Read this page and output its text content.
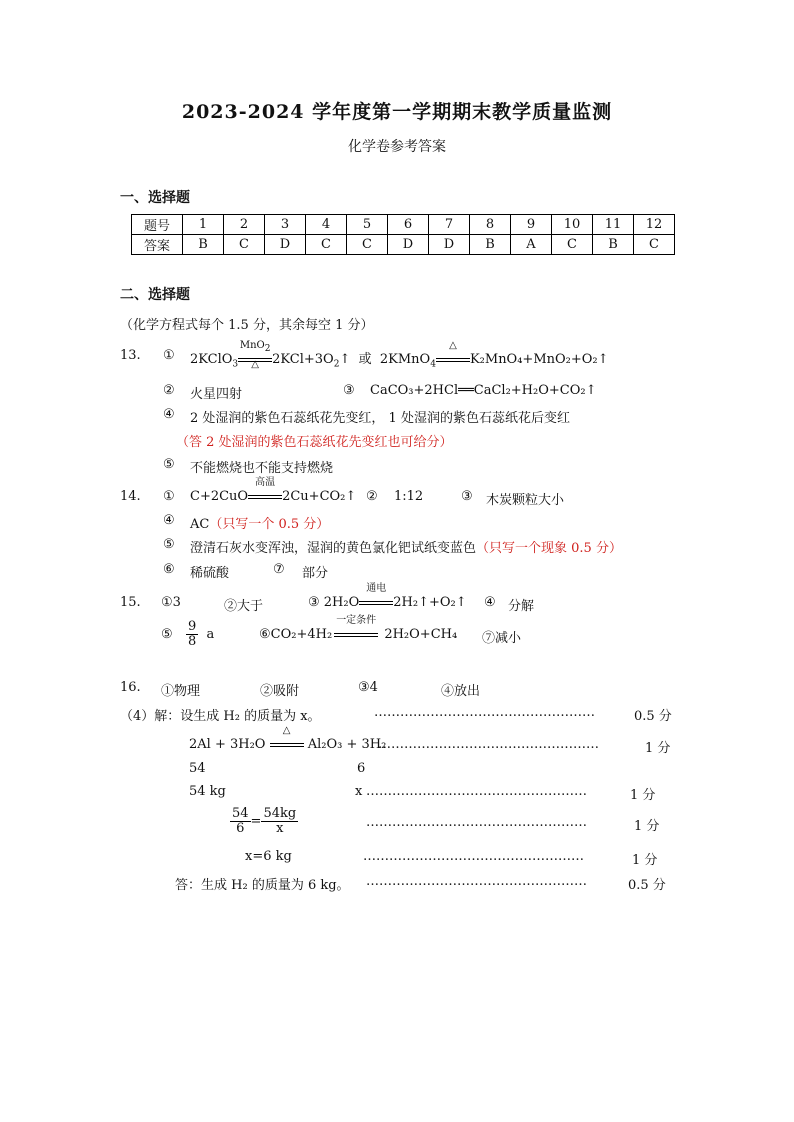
2023-2024 学年度第一学期期末教学质量监测
化学卷参考答案
一、选择题
题号	1	2	3	4	5	6	7	8	9	10	11	12
答案	B	C	D	C	C	D	D	B	A	C	B	C
二、选择题
（化学方程式每个 1.5 分，其余每空 1 分）
13. ① 2KClO$_3$
MnO$_2$
△	$2KCl+3O_2↑$  或 2KMnO$_4$
△
K₂MnO₄+MnO₂+O₂↑
② 火星四射	③ CaCO₃+2HCl══CaCl₂+H₂O+CO₂↑
④ 2 处湿润的紫色石蕊纸花先变红， 1 处湿润的紫色石蕊纸花后变红
（答 2 处湿润的紫色石蕊纸花先变红也可给分）
⑤ 不能燃烧也不能支持燃烧
14. ① C+2CuO
高温
2Cu+CO₂↑ ② 1:12	③ 木炭颗粒大小
④ AC（只写一个 0.5 分）
⑤ 澄清石灰水变浑浊，湿润的黄色氯化钯试纸变蓝色（只写一个现象 0.5 分）
⑥ 稀硫酸	⑦ 部分
15. ①3	②大于	③ 2H₂O
通电
2H₂↑+O₂↑ ④ 分解
⑤ $\frac{9}{8}$ a	⑥CO₂+4H₂
一定条件
2H₂O+CH₄ ⑦减小
16. ①物理	②吸附	③4	④放出
（4）解：设生成 H₂ 的质量为 x。	……………………………………………	0.5 分
2Al + 3H₂O
△
Al₂O₃ + 3H₂
……………………………………………	1 分
54	6
54 kg	x ……………………………………………	1 分
$\frac{54}{6} = \frac{54kg}{x}$	……………………………………………	1 分
x=6 kg	……………………………………………	1 分
答：生成 H₂ 的质量为 6 kg。 ……………………………………………	0.5 分
